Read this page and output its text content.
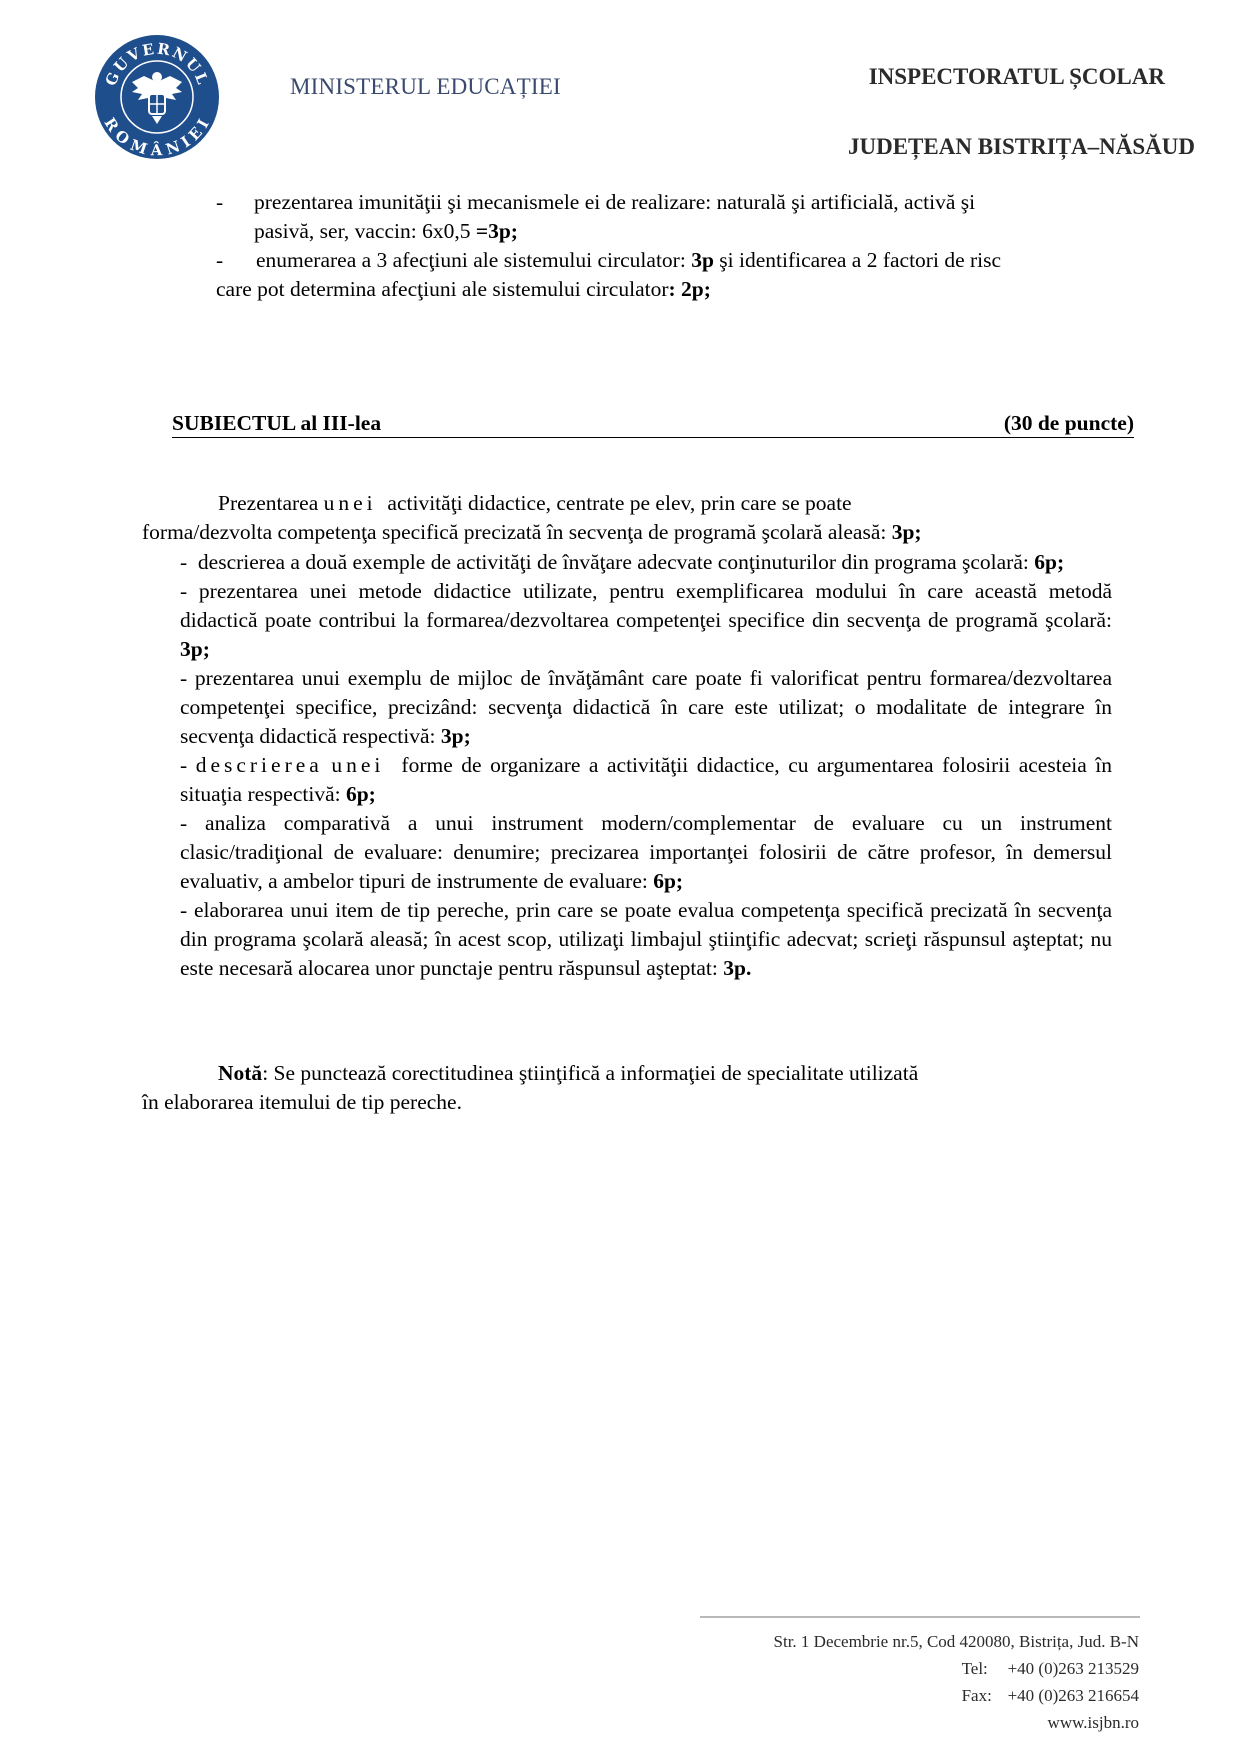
GUVERNUL
ROMÂNIEI
MINISTERUL EDUCAȚIEI	INSPECTORATUL ȘCOLAR
JUDEȚEAN BISTRIȚA–NĂSĂUD
-	prezentarea imunităţii şi mecanismele ei de realizare: naturală şi artificială, activă şi
pasivă, ser, vaccin: 6x0,5 =3p;
-	enumerarea a 3 afecţiuni ale sistemului circulator: 3p şi identificarea a 2 factori de risc
care pot determina afecţiuni ale sistemului circulator: 2p;
SUBIECTUL al III-lea	(30 de puncte)
Prezentarea unei  activităţi didactice, centrate pe elev, prin care se poate
forma/dezvolta competenţa specifică precizată în secvenţa de programă şcolară aleasă: 3p;

-  descrierea a două exemple de activităţi de învăţare adecvate conţinuturilor din programa şcolară: 6p;

- prezentarea unei metode didactice utilizate, pentru exemplificarea modului în care această metodă didactică poate contribui la formarea/dezvoltarea competenţei specifice din secvenţa de programă şcolară: 3p;

- prezentarea unui exemplu de mijloc de învăţământ care poate fi valorificat pentru formarea/dezvoltarea competenţei specifice, precizând: secvenţa didactică în care este utilizat; o modalitate de integrare în secvenţa didactică respectivă: 3p;

- descrierea unei  forme de organizare a activităţii didactice, cu argumentarea folosirii acesteia în situaţia respectivă: 6p;

- analiza comparativă a unui instrument modern/complementar de evaluare cu un instrument clasic/tradiţional de evaluare: denumire; precizarea importanţei folosirii de către profesor, în demersul evaluativ, a ambelor tipuri de instrumente de evaluare: 6p;

- elaborarea unui item de tip pereche, prin care se poate evalua competenţa specifică precizată în secvenţa din programa şcolară aleasă; în acest scop, utilizaţi limbajul ştiinţific adecvat; scrieţi răspunsul aşteptat; nu este necesară alocarea unor punctaje pentru răspunsul aşteptat: 3p.

Notă: Se punctează corectitudinea ştiinţifică a informaţiei de specialitate utilizată
în elaborarea itemului de tip pereche.
Str. 1 Decembrie nr.5, Cod 420080, Bistrița, Jud. B-N
Tel: +40 (0)263 213529
Fax: +40 (0)263 216654
www.isjbn.ro
